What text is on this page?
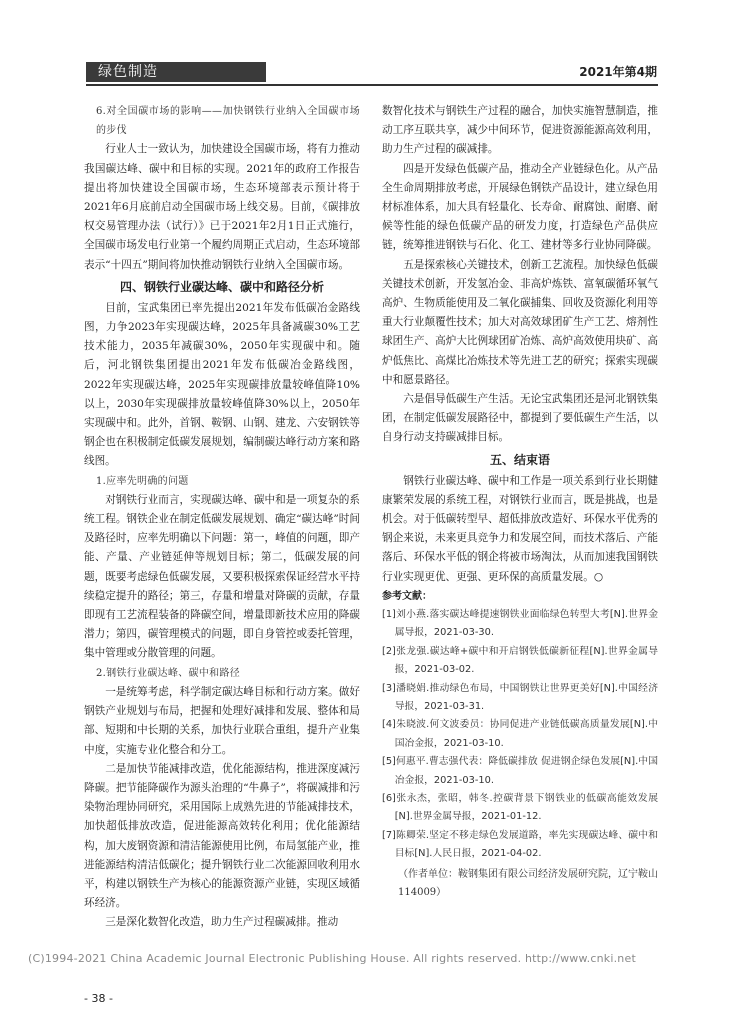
绿色制造	2021年第4期

6.对全国碳市场的影响——加快钢铁行业纳入全国碳市场的步伐

行业人士一致认为，加快建设全国碳市场，将有力推动我国碳达峰、碳中和目标的实现。2021年的政府工作报告提出将加快建设全国碳市场，生态环境部表示预计将于2021年6月底前启动全国碳市场上线交易。目前，《碳排放权交易管理办法（试行）》已于2021年2月1日正式施行，全国碳市场发电行业第一个履约周期正式启动，生态环境部表示“十四五”期间将加快推动钢铁行业纳入全国碳市场。

四、钢铁行业碳达峰、碳中和路径分析

目前，宝武集团已率先提出2021年发布低碳冶金路线图，力争2023年实现碳达峰，2025年具备减碳30%工艺技术能力，2035年减碳30%，2050年实现碳中和。随后，河北钢铁集团提出2021年发布低碳冶金路线图，2022年实现碳达峰，2025年实现碳排放量较峰值降10%以上，2030年实现碳排放量较峰值降30%以上，2050年实现碳中和。此外，首钢、鞍钢、山钢、建龙、六安钢铁等钢企也在积极制定低碳发展规划，编制碳达峰行动方案和路线图。

1.应率先明确的问题

对钢铁行业而言，实现碳达峰、碳中和是一项复杂的系统工程。钢铁企业在制定低碳发展规划、确定“碳达峰”时间及路径时，应率先明确以下问题：第一，峰值的问题，即产能、产量、产业链延伸等规划目标；第二，低碳发展的问题，既要考虑绿色低碳发展，又要积极探索保证经营水平持续稳定提升的路径；第三，存量和增量对降碳的贡献，存量即现有工艺流程装备的降碳空间，增量即新技术应用的降碳潜力；第四，碳管理模式的问题，即自身管控或委托管理，集中管理或分散管理的问题。

2.钢铁行业碳达峰、碳中和路径

一是统筹考虑，科学制定碳达峰目标和行动方案。做好钢铁产业规划与布局，把握和处理好减排和发展、整体和局部、短期和中长期的关系，加快行业联合重组，提升产业集中度，实施专业化整合和分工。

二是加快节能减排改造，优化能源结构，推进深度减污降碳。把节能降碳作为源头治理的“牛鼻子”，将碳减排和污染物治理协同研究，采用国际上成熟先进的节能减排技术，加快超低排放改造，促进能源高效转化利用；优化能源结构，加大废钢资源和清洁能源使用比例，布局氢能产业，推进能源结构清洁低碳化；提升钢铁行业二次能源回收利用水平，构建以钢铁生产为核心的能源资源产业链，实现区域循环经济。

三是深化数智化改造，助力生产过程碳减排。推动

数智化技术与钢铁生产过程的融合，加快实施智慧制造，推动工序互联共享，减少中间环节，促进资源能源高效利用，助力生产过程的碳减排。

四是开发绿色低碳产品，推动全产业链绿色化。从产品全生命周期排放考虑，开展绿色钢铁产品设计，建立绿色用材标准体系，加大具有轻量化、长寿命、耐腐蚀、耐磨、耐候等性能的绿色低碳产品的研发力度，打造绿色产品供应链，统筹推进钢铁与石化、化工、建材等多行业协同降碳。

五是探索核心关键技术，创新工艺流程。加快绿色低碳关键技术创新，开发氢冶金、非高炉炼铁、富氧碳循环氧气高炉、生物质能使用及二氧化碳捕集、回收及资源化利用等重大行业颠覆性技术；加大对高效球团矿生产工艺、熔剂性球团生产、高炉大比例球团矿冶炼、高炉高效使用块矿、高炉低焦比、高煤比冶炼技术等先进工艺的研究；探索实现碳中和愿景路径。

六是倡导低碳生产生活。无论宝武集团还是河北钢铁集团，在制定低碳发展路径中，都提到了要低碳生产生活，以自身行动支持碳减排目标。

五、结束语

钢铁行业碳达峰、碳中和工作是一项关系到行业长期健康繁荣发展的系统工程，对钢铁行业而言，既是挑战，也是机会。对于低碳转型早、超低排放改造好、环保水平优秀的钢企来说，未来更具竞争力和发展空间，而技术落后、产能落后、环保水平低的钢企将被市场淘汰，从而加速我国钢铁行业实现更优、更强、更环保的高质量发展。○

参考文献：

[1]刘小燕.落实碳达峰提速钢铁业面临绿色转型大考[N].世界金属导报，2021-03-30.
[2]张龙强.碳达峰+碳中和开启钢铁低碳新征程[N].世界金属导报，2021-03-02.
[3]潘晓娟.推动绿色布局，中国钢铁让世界更美好[N].中国经济导报，2021-03-31.
[4]朱晓波.何文波委员：协同促进产业链低碳高质量发展[N].中国冶金报，2021-03-10.
[5]何惠平.曹志强代表：降低碳排放 促进钢企绿色发展[N].中国冶金报，2021-03-10.
[6]张永杰，张昭，韩冬.控碳背景下钢铁业的低碳高能效发展[N].世界金属导报，2021-01-12.
[7]陈卿荣.坚定不移走绿色发展道路，率先实现碳达峰、碳中和目标[N].人民日报，2021-04-02.

（作者单位：鞍钢集团有限公司经济发展研究院，辽宁鞍山114009）

(C)1994-2021 China Academic Journal Electronic Publishing House. All rights reserved. http://www.cnki.net
- 38 -
